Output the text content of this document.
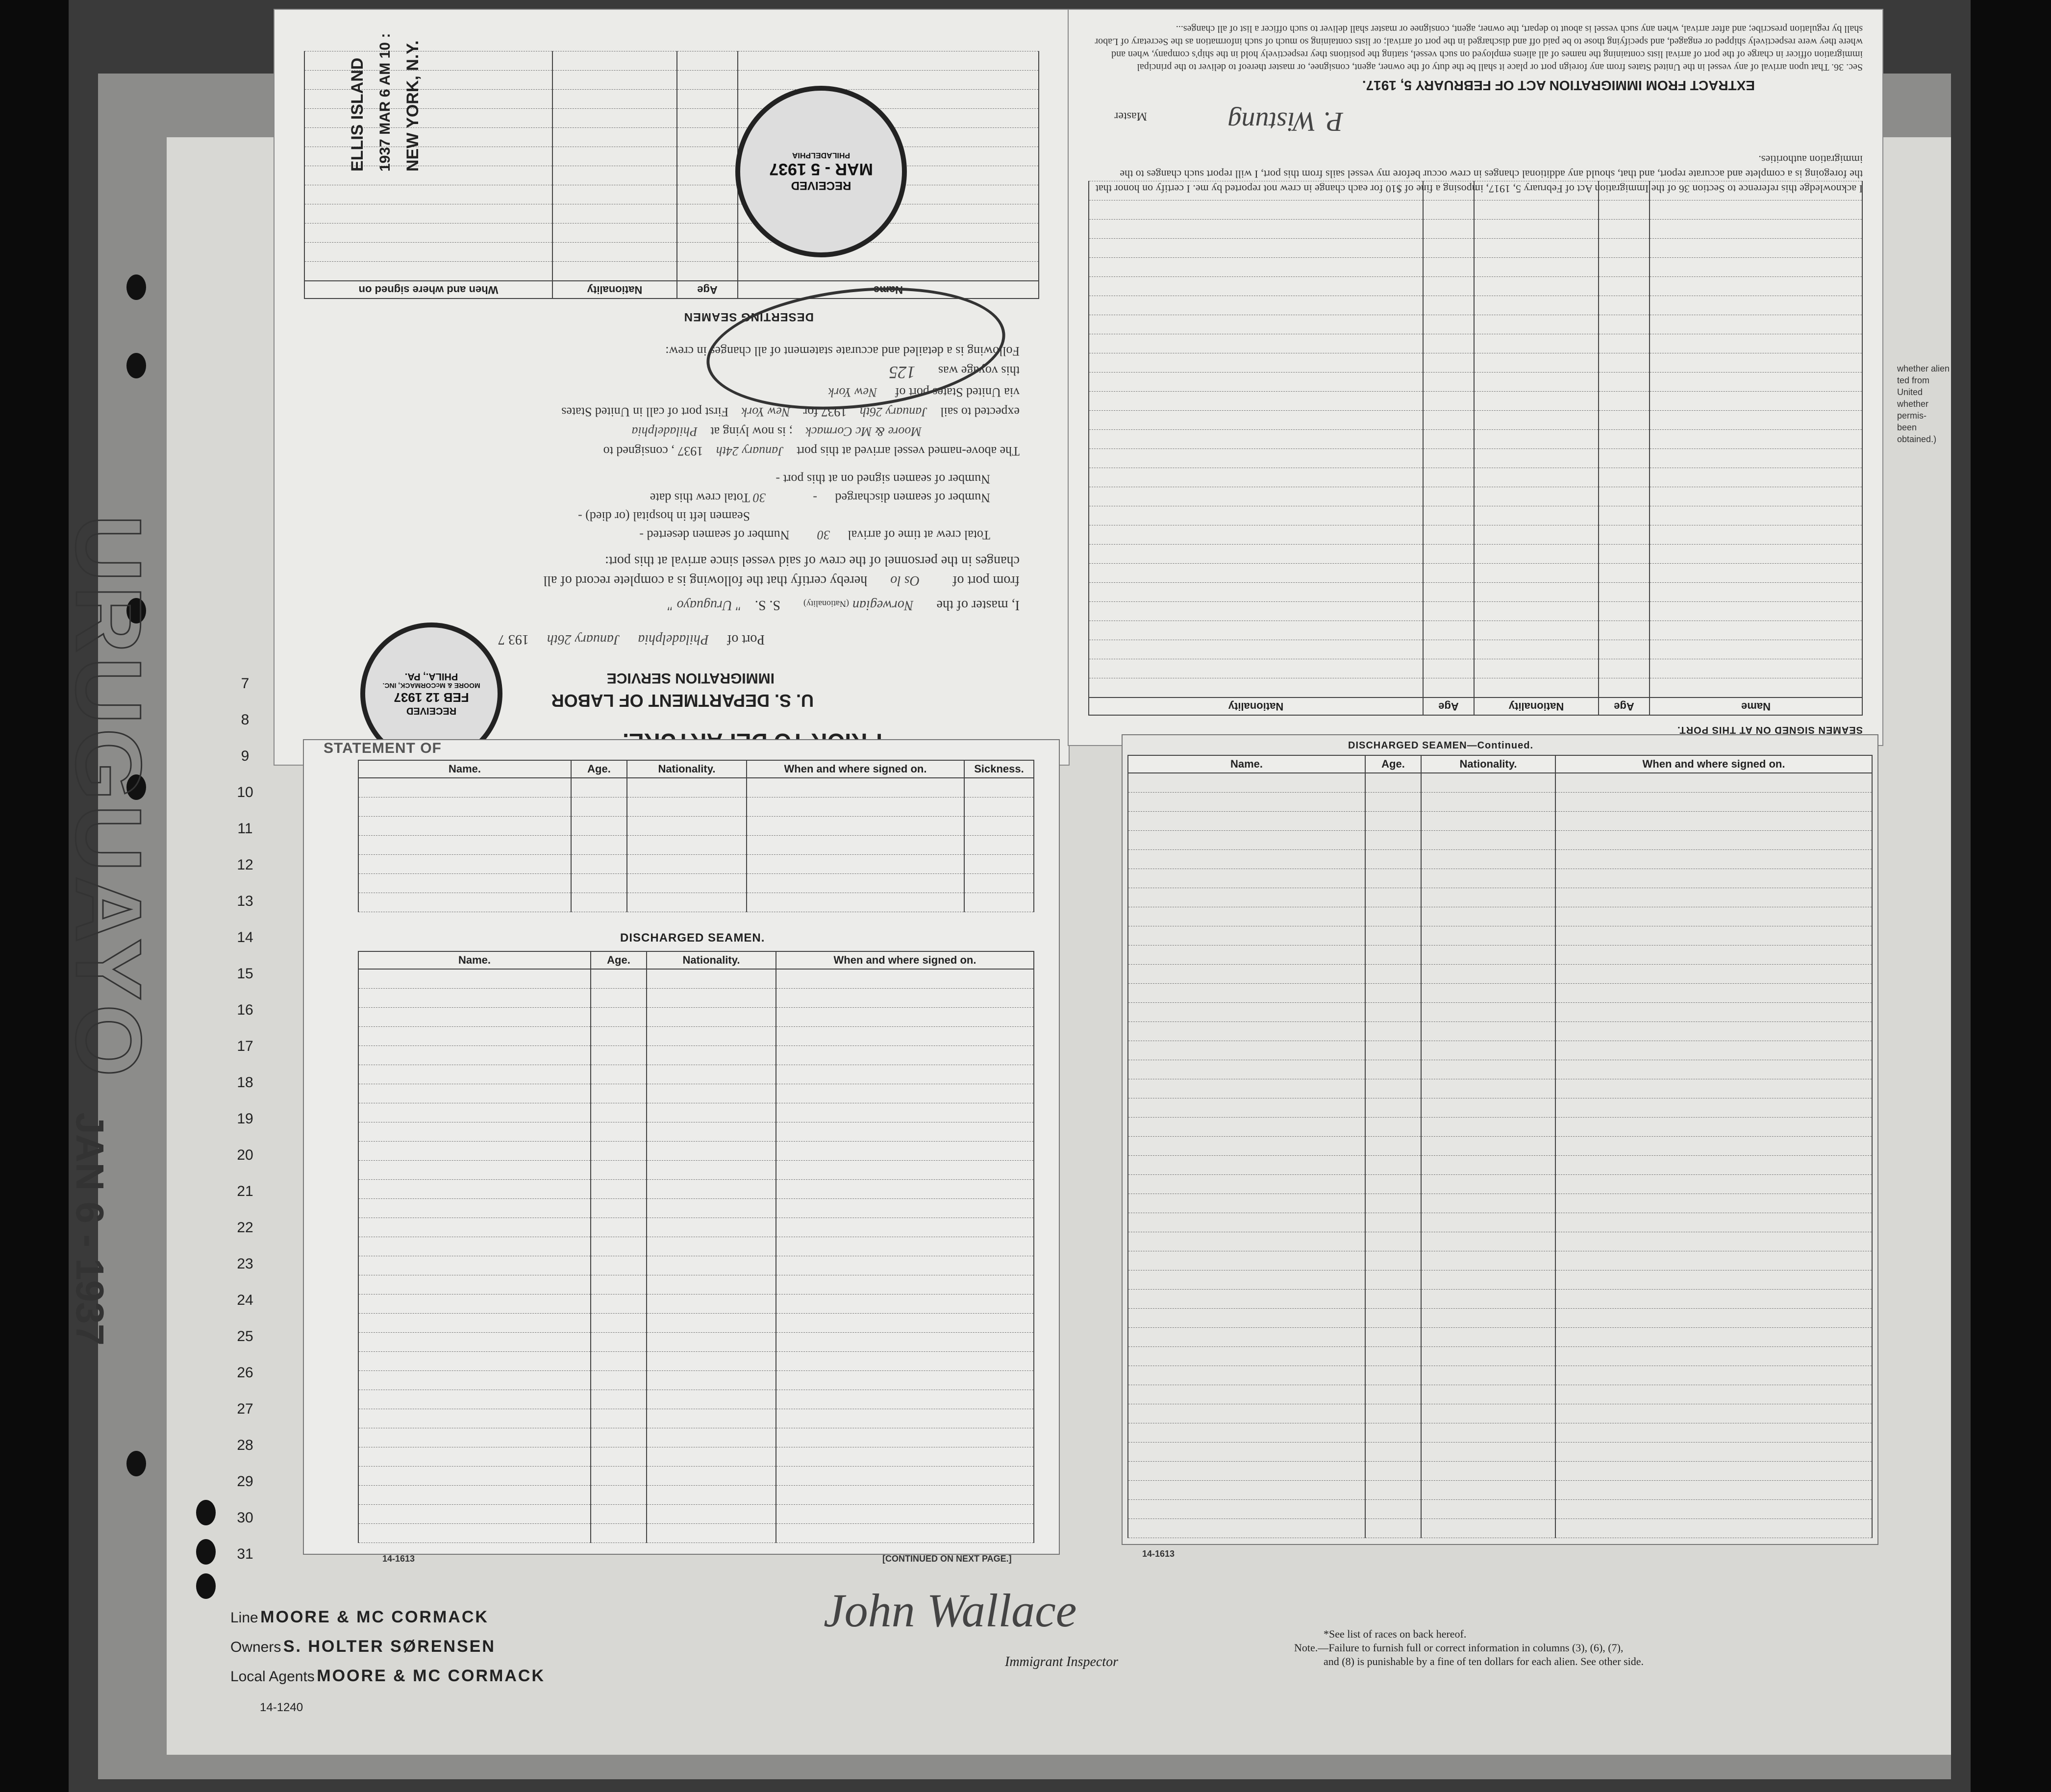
URUGUAYO JAN 6 - 1937
7
8
9
10
11
12
13
14
15
16
17
18
19
20
21
22
23
24
25
26
27
28
29
30
31
whether alien
ted from United
whether permis-
been obtained.)
U. S. DEPARTMENT OF LABOR
IMMIGRATION SERVICE
Port of Philadelphia January 26th 193 7
I, master of the Norwegian (Nationality) S. S. " Uruguayo "
from port of Os lo hereby certify that the following is a complete record of all
changes in the personnel of the crew of said vessel since arrival at this port:
Total crew at time of arrival 30 Number of seamen deserted -
Seamen left in hospital (or died) -
Number of seamen discharged - 30 Total crew this date
Number of seamen signed on at this port -
The above-named vessel arrived at this port January 24th 1937 , consigned to
Moore & Mc Cormack ; is now lying at Philadelphia
expected to sail January 26th 1937 for New York First port of call in United States
via United States port of New York
this voyage was 125
Following is a detailed and accurate statement of all changes in crew:
DESERTING SEAMEN
Name	Age	Nationality	When and where signed on

RECEIVED
FEB 12 1937
MOORE & McCORMACK, INC.
PHILA., PA.
RECEIVED
MAR - 5 1937
PHILADELPHIA
ELLIS ISLAND 1937 MAR 6 AM 10 : NEW YORK, N.Y.	EXTRACT FROM IMMIGRATION ACT OF FEBRUARY 5, 1917.
Sec. 36. That upon arrival of any vessel in the United States from any foreign port or place it shall be the duty of the owner, agent, consignee, or master thereof to deliver to the principal immigration officer in charge of the port of arrival lists containing the names of all aliens employed on such vessel, stating the positions they respectively hold in the ship's company, when and where they were respectively shipped or engaged, and specifying those to be paid off and discharged in the port of arrival; or lists containing so much of such information as the Secretary of Labor shall by regulation prescribe; and after arrival, when any such vessel is about to depart, the owner, agent, consignee or master shall deliver to such officer a list of all changes...
I acknowledge this reference to Section 36 of the Immigration Act of February 5, 1917, imposing a fine of $10 for each change in crew not reported by me. I certify on honor that the foregoing is a complete and accurate report, and that, should any additional changes in crew occur before my vessel sails from this port, I will report such changes to the immigration authorities.
P. Wistung
Master
SEAMEN SIGNED ON AT THIS PORT.
Name	Age	Nationality	Age	Nationality

STATEMENT OF
Name.	Age.	Nationality.	When and where signed on.	Sickness.

DISCHARGED SEAMEN.
Name.	Age.	Nationality.	When and where signed on.

14-1613	[CONTINUED ON NEXT PAGE.]
DISCHARGED SEAMEN—Continued.
Name.	Age.	Nationality.	When and where signed on.

14-1613
Line MOORE & MC CORMACK
Owners S. HOLTER SØRENSEN
Local Agents MOORE & MC CORMACK
14-1240
John Wallace
Immigrant Inspector
*See list of races on back hereof.
Note.—Failure to furnish full or correct information in columns (3), (6), (7),
and (8) is punishable by a fine of ten dollars for each alien. See other side.
